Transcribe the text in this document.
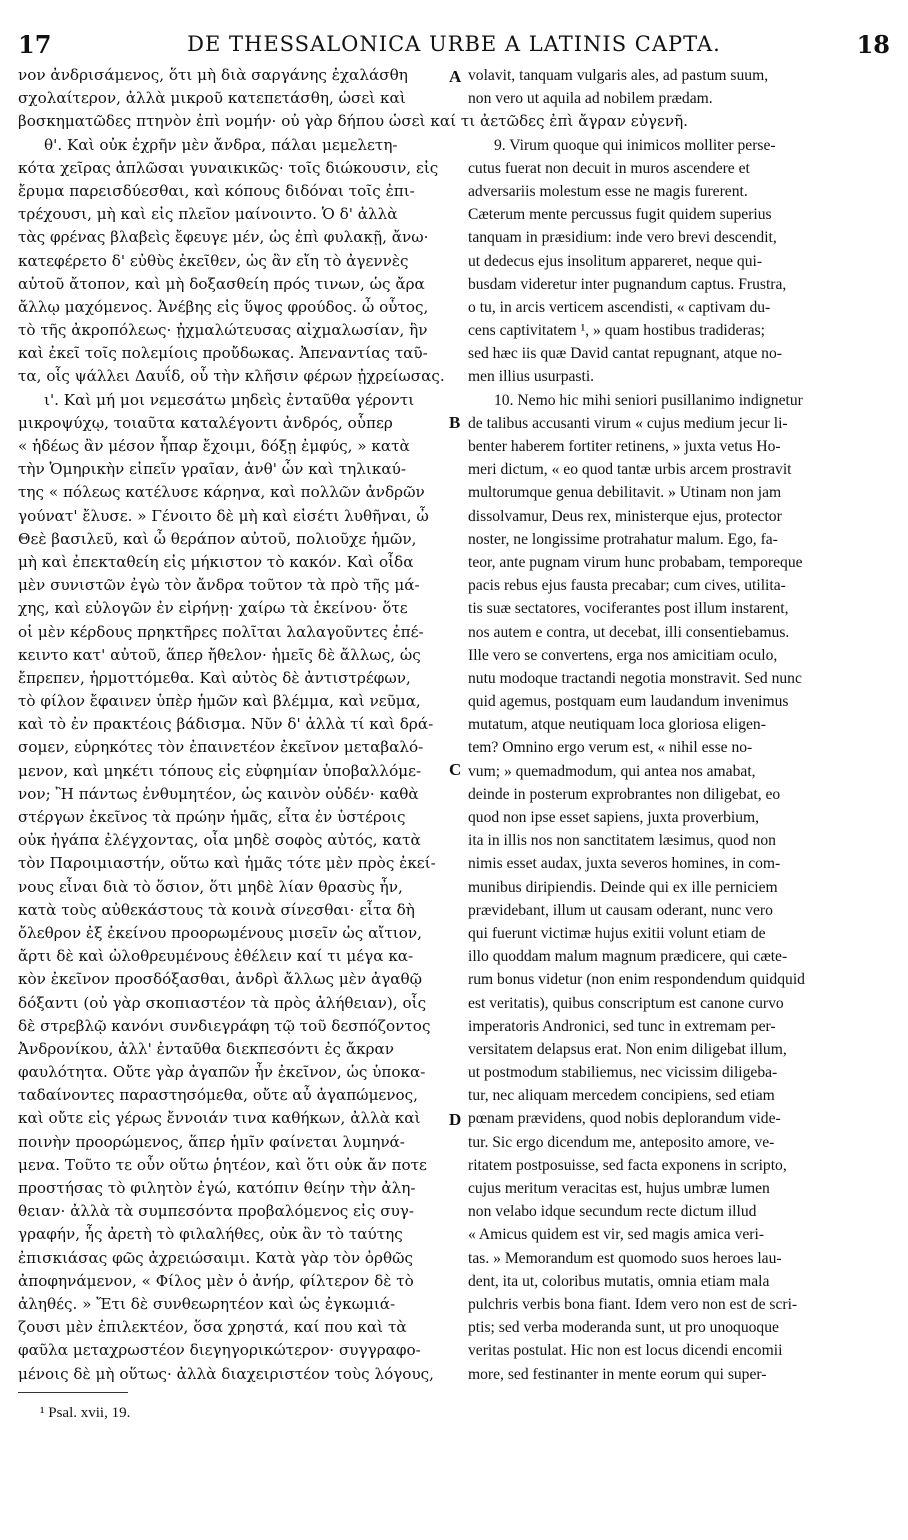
17	DE THESSALONICA URBE A LATINIS CAPTA.	18
νον ἀνδρισάμενος, ὅτι μὴ διὰ σαργάνης ἐχαλάσθη
σχολαίτερον, ἀλλὰ μικροῦ κατεπετάσθη, ὡσεὶ καὶ
βοσκηματῶδες πτηνὸν ἐπὶ νομήν· οὐ γὰρ δήπου ὡσεὶ καί τι ἀετῶδες ἐπὶ ἄγραν εὐγενῆ.
θ'. Καὶ οὐκ ἐχρῆν μὲν ἄνδρα, πάλαι μεμελετη-
κότα χεῖρας ἁπλῶσαι γυναικικῶς· τοῖς διώκουσιν, εἰς
ἔρυμα παρεισδύεσθαι, καὶ κόπους διδόναι τοῖς ἐπι-
τρέχουσι, μὴ καὶ εἰς πλεῖον μαίνοιντο. Ὁ δ' ἀλλὰ
τὰς φρένας βλαβεὶς ἔφευγε μέν, ὡς ἐπὶ φυλακῇ, ἄνω·
κατεφέρετο δ' εὐθὺς ἐκεῖθεν, ὡς ἂν εἴη τὸ ἀγεννὲς
αὐτοῦ ἄτοπον, καὶ μὴ δοξασθείη πρός τινων, ὡς ἄρα
ἄλλῳ μαχόμενος. Ἀνέβης εἰς ὕψος φρούδος. ὦ οὗτος,
τὸ τῆς ἀκροπόλεως· ᾐχμαλώτευσας αἰχμαλωσίαν, ἣν
καὶ ἐκεῖ τοῖς πολεμίοις προὔδωκας. Ἀπεναντίας ταῦ-
τα, οἷς ψάλλει Δαυΐδ, οὗ τὴν κλῆσιν φέρων ᾐχρείωσας.
ι'. Καὶ μή μοι νεμεσάτω μηδεὶς ἐνταῦθα γέροντι
μικροψύχῳ, τοιαῦτα καταλέγοντι ἀνδρός, οὗπερ
« ἡδέως ἂν μέσον ἧπαρ ἔχοιμι, δόξῃ ἐμφύς, » κατὰ
τὴν Ὁμηρικὴν εἰπεῖν γραῖαν, ἀνθ' ὧν καὶ τηλικαύ-
της « πόλεως κατέλυσε κάρηνα, καὶ πολλῶν ἀνδρῶν
γούνατ' ἔλυσε. » Γένοιτο δὲ μὴ καὶ εἰσέτι λυθῆναι, ὦ
Θεὲ βασιλεῦ, καὶ ὦ θεράπον αὐτοῦ, πολιοῦχε ἡμῶν,
μὴ καὶ ἐπεκταθείη εἰς μήκιστον τὸ κακόν. Καὶ οἶδα
μὲν συνιστῶν ἐγὼ τὸν ἄνδρα τοῦτον τὰ πρὸ τῆς μά-
χης, καὶ εὐλογῶν ἐν εἰρήνῃ· χαίρω τὰ ἐκείνου· ὅτε
οἱ μὲν κέρδους πρηκτῆρες πολῖται λαλαγοῦντες ἐπέ-
κειντο κατ' αὐτοῦ, ἅπερ ἤθελον· ἡμεῖς δὲ ἄλλως, ὡς
ἔπρεπεν, ἡρμοττόμεθα. Καὶ αὐτὸς δὲ ἀντιστρέφων,
τὸ φίλον ἔφαινεν ὑπὲρ ἡμῶν καὶ βλέμμα, καὶ νεῦμα,
καὶ τὸ ἐν πρακτέοις βάδισμα. Νῦν δ' ἀλλὰ τί καὶ δρά-
σομεν, εὑρηκότες τὸν ἐπαινετέον ἐκεῖνον μεταβαλό-
μενον, καὶ μηκέτι τόπους εἰς εὐφημίαν ὑποβαλλόμε-
νον; Ἢ πάντως ἐνθυμητέον, ὡς καινὸν οὐδέν· καθὰ
στέργων ἐκεῖνος τὰ πρώην ἡμᾶς, εἶτα ἐν ὑστέροις
οὐκ ἠγάπα ἐλέγχοντας, οἷα μηδὲ σοφὸς αὐτός, κατὰ
τὸν Παροιμιαστήν, οὕτω καὶ ἡμᾶς τότε μὲν πρὸς ἐκεί-
νους εἶναι διὰ τὸ ὅσιον, ὅτι μηδὲ λίαν θρασὺς ἦν,
κατὰ τοὺς αὐθεκάστους τὰ κοινὰ σίνεσθαι· εἶτα δὴ
ὄλεθρον ἐξ ἐκείνου προορωμένους μισεῖν ὡς αἴτιον,
ἄρτι δὲ καὶ ὠλοθρευμένους ἐθέλειν καί τι μέγα κα-
κὸν ἐκεῖνον προσδόξασθαι, ἀνδρὶ ἄλλως μὲν ἀγαθῷ
δόξαντι (οὐ γὰρ σκοπιαστέον τὰ πρὸς ἀλήθειαν), οἷς
δὲ στρεβλῷ κανόνι συνδιεγράφη τῷ τοῦ δεσπόζοντος
Ἀνδρονίκου, ἀλλ' ἐνταῦθα διεκπεσόντι ἐς ἄκραν
φαυλότητα. Οὔτε γὰρ ἀγαπῶν ἦν ἐκεῖνον, ὡς ὑποκα-
ταδαίνοντες παραστησόμεθα, οὔτε αὖ ἀγαπώμενος,
καὶ οὔτε εἰς γέρως ἔννοιάν τινα καθήκων, ἀλλὰ καὶ
ποινὴν προορώμενος, ἅπερ ἡμῖν φαίνεται λυμηνά-
μενα. Τοῦτο τε οὖν οὕτω ῥητέον, καὶ ὅτι οὐκ ἄν ποτε
προστήσας τὸ φιλητὸν ἐγώ, κατόπιν θείην τὴν ἀλη-
θειαν· ἀλλὰ τὰ συμπεσόντα προβαλόμενος εἰς συγ-
γραφήν, ἧς ἀρετὴ τὸ φιλαλήθες, οὐκ ἂν τὸ ταύτης
ἐπισκιάσας φῶς ἀχρειώσαιμι. Κατὰ γὰρ τὸν ὀρθῶς
ἀποφηνάμενον, « Φίλος μὲν ὁ ἀνήρ, φίλτερον δὲ τὸ
ἀληθές. » Ἔτι δὲ συνθεωρητέον καὶ ὡς ἐγκωμιά-
ζουσι μὲν ἐπιλεκτέον, ὅσα χρηστά, καί που καὶ τὰ
φαῦλα μεταχρωστέον διεγηγορικώτερον· συγγραφο-
μένοις δὲ μὴ οὕτως· ἀλλὰ διαχειριστέον τοὺς λόγους,
volavit, tanquam vulgaris ales, ad pastum suum,
non vero ut aquila ad nobilem prædam.
9. Virum quoque qui inimicos molliter perse-
cutus fuerat non decuit in muros ascendere et
adversariis molestum esse ne magis furerent.
Cæterum mente percussus fugit quidem superius
tanquam in præsidium: inde vero brevi descendit,
ut dedecus ejus insolitum appareret, neque qui-
busdam videretur inter pugnandum captus. Frustra,
o tu, in arcis verticem ascendisti, « captivam du-
cens captivitatem ¹, » quam hostibus tradideras;
sed hæc iis quæ David cantat repugnant, atque no-
men illius usurpasti.
10. Nemo hic mihi seniori pusillanimo indignetur
de talibus accusanti virum « cujus medium jecur li-
benter haberem fortiter retinens, » juxta vetus Ho-
meri dictum, « eo quod tantæ urbis arcem prostravit
multorumque genua debilitavit. » Utinam non jam
dissolvamur, Deus rex, ministerque ejus, protector
noster, ne longissime protrahatur malum. Ego, fa-
teor, ante pugnam virum hunc probabam, temporeque
pacis rebus ejus fausta precabar; cum cives, utilita-
tis suæ sectatores, vociferantes post illum instarent,
nos autem e contra, ut decebat, illi consentiebamus.
Ille vero se convertens, erga nos amicitiam oculo,
nutu modoque tractandi negotia monstravit. Sed nunc
quid agemus, postquam eum laudandum invenimus
mutatum, atque neutiquam loca gloriosa eligen-
tem? Omnino ergo verum est, « nihil esse no-
vum; » quemadmodum, qui antea nos amabat,
deinde in posterum exprobrantes non diligebat, eo
quod non ipse esset sapiens, juxta proverbium,
ita in illis nos non sanctitatem læsimus, quod non
nimis esset audax, juxta severos homines, in com-
munibus diripiendis. Deinde qui ex ille perniciem
prævidebant, illum ut causam oderant, nunc vero
qui fuerunt victimæ hujus exitii volunt etiam de
illo quoddam malum magnum prædicere, qui cæte-
rum bonus videtur (non enim respondendum quidquid
est veritatis), quibus conscriptum est canone curvo
imperatoris Andronici, sed tunc in extremam per-
versitatem delapsus erat. Non enim diligebat illum,
ut postmodum stabiliemus, nec vicissim diligeba-
tur, nec aliquam mercedem concipiens, sed etiam
pœnam prævidens, quod nobis deplorandum vide-
tur. Sic ergo dicendum me, anteposito amore, ve-
ritatem postposuisse, sed facta exponens in scripto,
cujus meritum veracitas est, hujus umbræ lumen
non velabo idque secundum recte dictum illud
« Amicus quidem est vir, sed magis amica veri-
tas. » Memorandum est quomodo suos heroes lau-
dent, ita ut, coloribus mutatis, omnia etiam mala
pulchris verbis bona fiant. Idem vero non est de scri-
ptis; sed verba moderanda sunt, ut pro unoquoque
veritas postulat. Hic non est locus dicendi encomii
more, sed festinanter in mente eorum qui super-
A
B
C
D
¹ Psal. xvii, 19.
